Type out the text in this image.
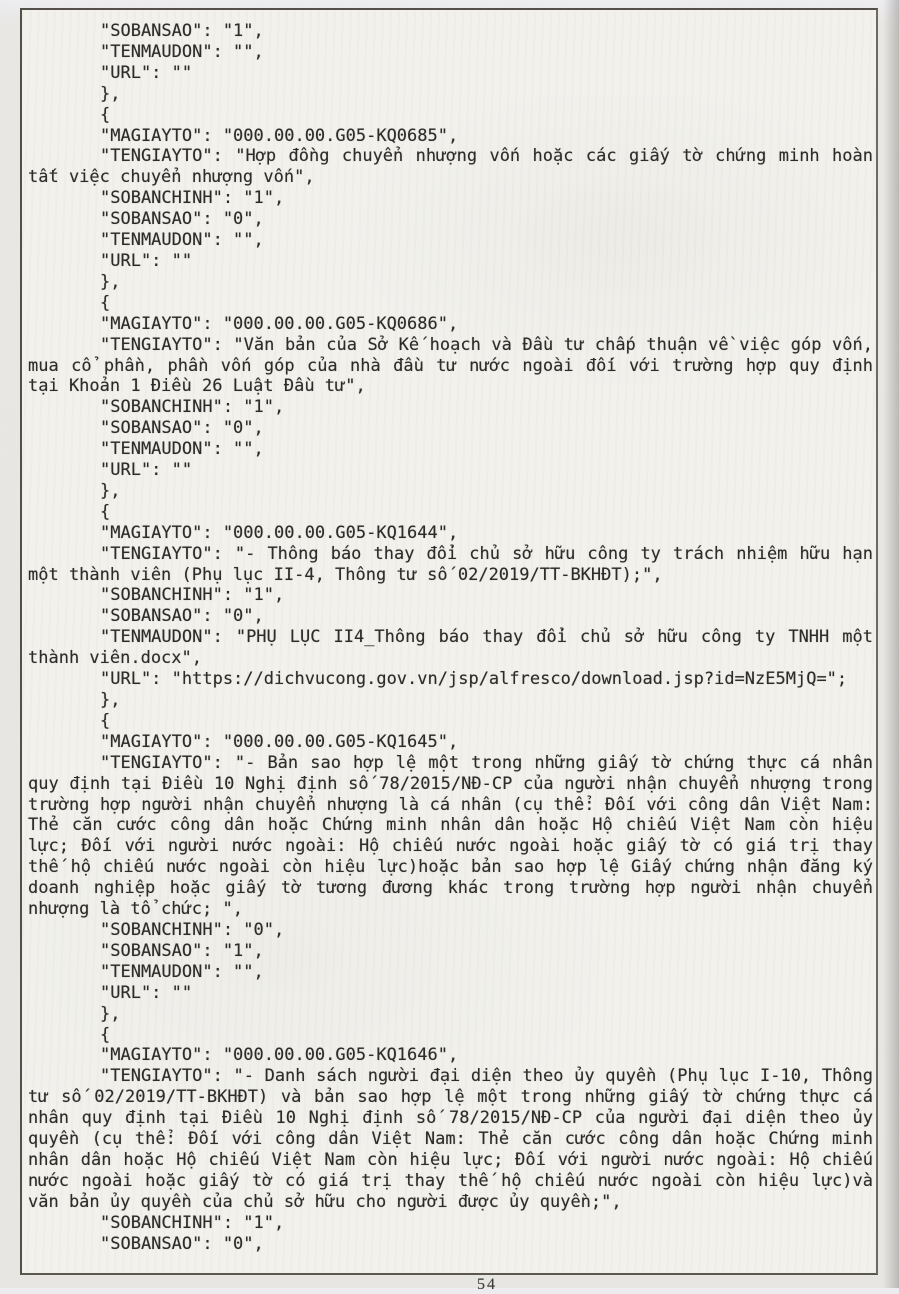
"SOBANSAO": "1",

"TENMAUDON": "",

"URL": ""

},

{

"MAGIAYTO": "000.00.00.G05-KQ0685",

"TENGIAYTO": "Hợp đồng chuyển nhượng vốn hoặc các giấy tờ chứng minh hoàn tất việc chuyển nhượng vốn",

"SOBANCHINH": "1",

"SOBANSAO": "0",

"TENMAUDON": "",

"URL": ""

},

{

"MAGIAYTO": "000.00.00.G05-KQ0686",

"TENGIAYTO": "Văn bản của Sở Kế hoạch và Đầu tư chấp thuận về việc góp vốn, mua cổ phần, phần vốn góp của nhà đầu tư nước ngoài đối với trường hợp quy định tại Khoản 1 Điều 26 Luật Đầu tư",

"SOBANCHINH": "1",

"SOBANSAO": "0",

"TENMAUDON": "",

"URL": ""

},

{

"MAGIAYTO": "000.00.00.G05-KQ1644",

"TENGIAYTO": "- Thông báo thay đổi chủ sở hữu công ty trách nhiệm hữu hạn một thành viên (Phụ lục II-4, Thông tư số 02/2019/TT-BKHĐT);",

"SOBANCHINH": "1",

"SOBANSAO": "0",

"TENMAUDON": "PHỤ LỤC II4_Thông báo thay đổi chủ sở hữu công ty TNHH một thành viên.docx",

"URL": "https://dichvucong.gov.vn/jsp/alfresco/download.jsp?id=NzE5MjQ=";

},

{

"MAGIAYTO": "000.00.00.G05-KQ1645",

"TENGIAYTO": "- Bản sao hợp lệ một trong những giấy tờ chứng thực cá nhân quy định tại Điều 10 Nghị định số 78/2015/NĐ-CP của người nhận chuyển nhượng trong trường hợp người nhận chuyển nhượng là cá nhân (cụ thể: Đối với công dân Việt Nam: Thẻ căn cước công dân hoặc Chứng minh nhân dân hoặc Hộ chiếu Việt Nam còn hiệu lực; Đối với người nước ngoài: Hộ chiếu nước ngoài hoặc giấy tờ có giá trị thay thế hộ chiếu nước ngoài còn hiệu lực)hoặc bản sao hợp lệ Giấy chứng nhận đăng ký doanh nghiệp hoặc giấy tờ tương đương khác trong trường hợp người nhận chuyển nhượng là tổ chức; ",

"SOBANCHINH": "0",

"SOBANSAO": "1",

"TENMAUDON": "",

"URL": ""

},

{

"MAGIAYTO": "000.00.00.G05-KQ1646",

"TENGIAYTO": "- Danh sách người đại diện theo ủy quyền (Phụ lục I-10, Thông tư số 02/2019/TT-BKHĐT) và bản sao hợp lệ một trong những giấy tờ chứng thực cá nhân quy định tại Điều 10 Nghị định số 78/2015/NĐ-CP của người đại diện theo ủy quyền (cụ thể: Đối với công dân Việt Nam: Thẻ căn cước công dân hoặc Chứng minh nhân dân hoặc Hộ chiếu Việt Nam còn hiệu lực; Đối với người nước ngoài: Hộ chiếu nước ngoài hoặc giấy tờ có giá trị thay thế hộ chiếu nước ngoài còn hiệu lực)và văn bản ủy quyền của chủ sở hữu cho người được ủy quyền;",

"SOBANCHINH": "1",

"SOBANSAO": "0",

54
